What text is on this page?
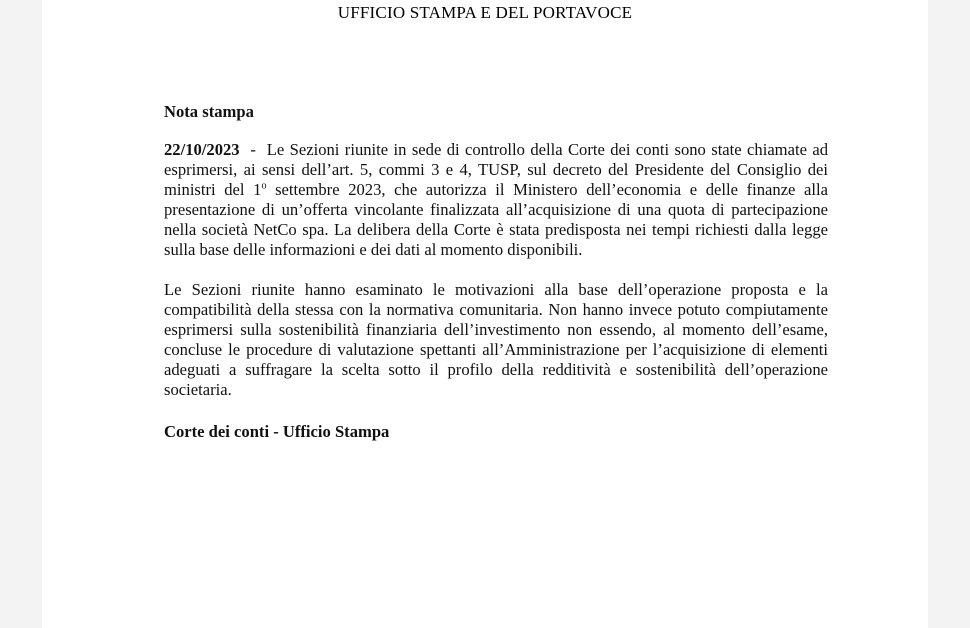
UFFICIO STAMPA E DEL PORTAVOCE

Nota stampa

22/10/2023  -  Le Sezioni riunite in sede di controllo della Corte dei conti sono state chiamate ad esprimersi, ai sensi dell’art. 5, commi 3 e 4, TUSP, sul decreto del Presidente del Consiglio dei ministri del 1$^o$ settembre 2023, che autorizza il Ministero dell’economia e delle finanze alla presentazione di un’offerta vincolante finalizzata all’acquisizione di una quota di partecipazione nella società NetCo spa. La delibera della Corte è stata predisposta nei tempi richiesti dalla legge sulla base delle informazioni e dei dati al momento disponibili.

Le Sezioni riunite hanno esaminato le motivazioni alla base dell’operazione proposta e la compatibilità della stessa con la normativa comunitaria. Non hanno invece potuto compiutamente esprimersi sulla sostenibilità finanziaria dell’investimento non essendo, al momento dell’esame, concluse le procedure di valutazione spettanti all’Amministrazione per l’acquisizione di elementi adeguati a suffragare la scelta sotto il profilo della redditività e sostenibilità dell’operazione societaria.

Corte dei conti - Ufficio Stampa
